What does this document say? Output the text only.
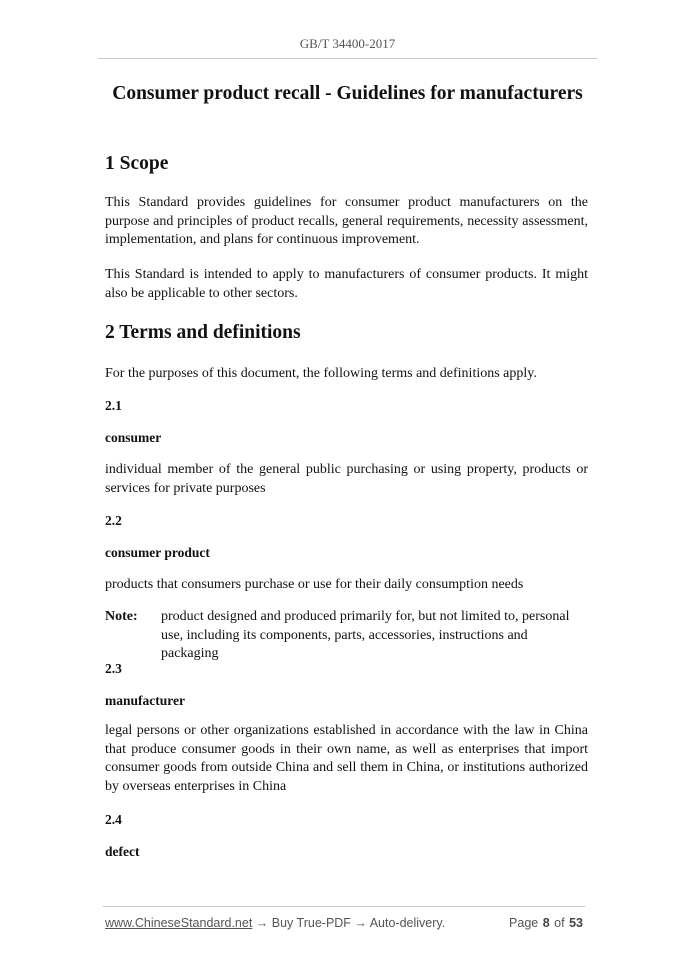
GB/T 34400-2017
Consumer product recall - Guidelines for manufacturers
1 Scope

This Standard provides guidelines for consumer product manufacturers on the purpose and principles of product recalls, general requirements, necessity assessment, implementation, and plans for continuous improvement.

This Standard is intended to apply to manufacturers of consumer products. It might also be applicable to other sectors.

2 Terms and definitions

For the purposes of this document, the following terms and definitions apply.

2.1
consumer

individual member of the general public purchasing or using property, products or services for private purposes

2.2
consumer product

products that consumers purchase or use for their daily consumption needs

Note:	product designed and produced primarily for, but not limited to, personal use, including its components, parts, accessories, instructions and packaging
2.3
manufacturer

legal persons or other organizations established in accordance with the law in China that produce consumer goods in their own name, as well as enterprises that import consumer goods from outside China and sell them in China, or institutions authorized by overseas enterprises in China

2.4
defect
www.ChineseStandard.net → Buy True-PDF → Auto-delivery.	Page 8 of 53
